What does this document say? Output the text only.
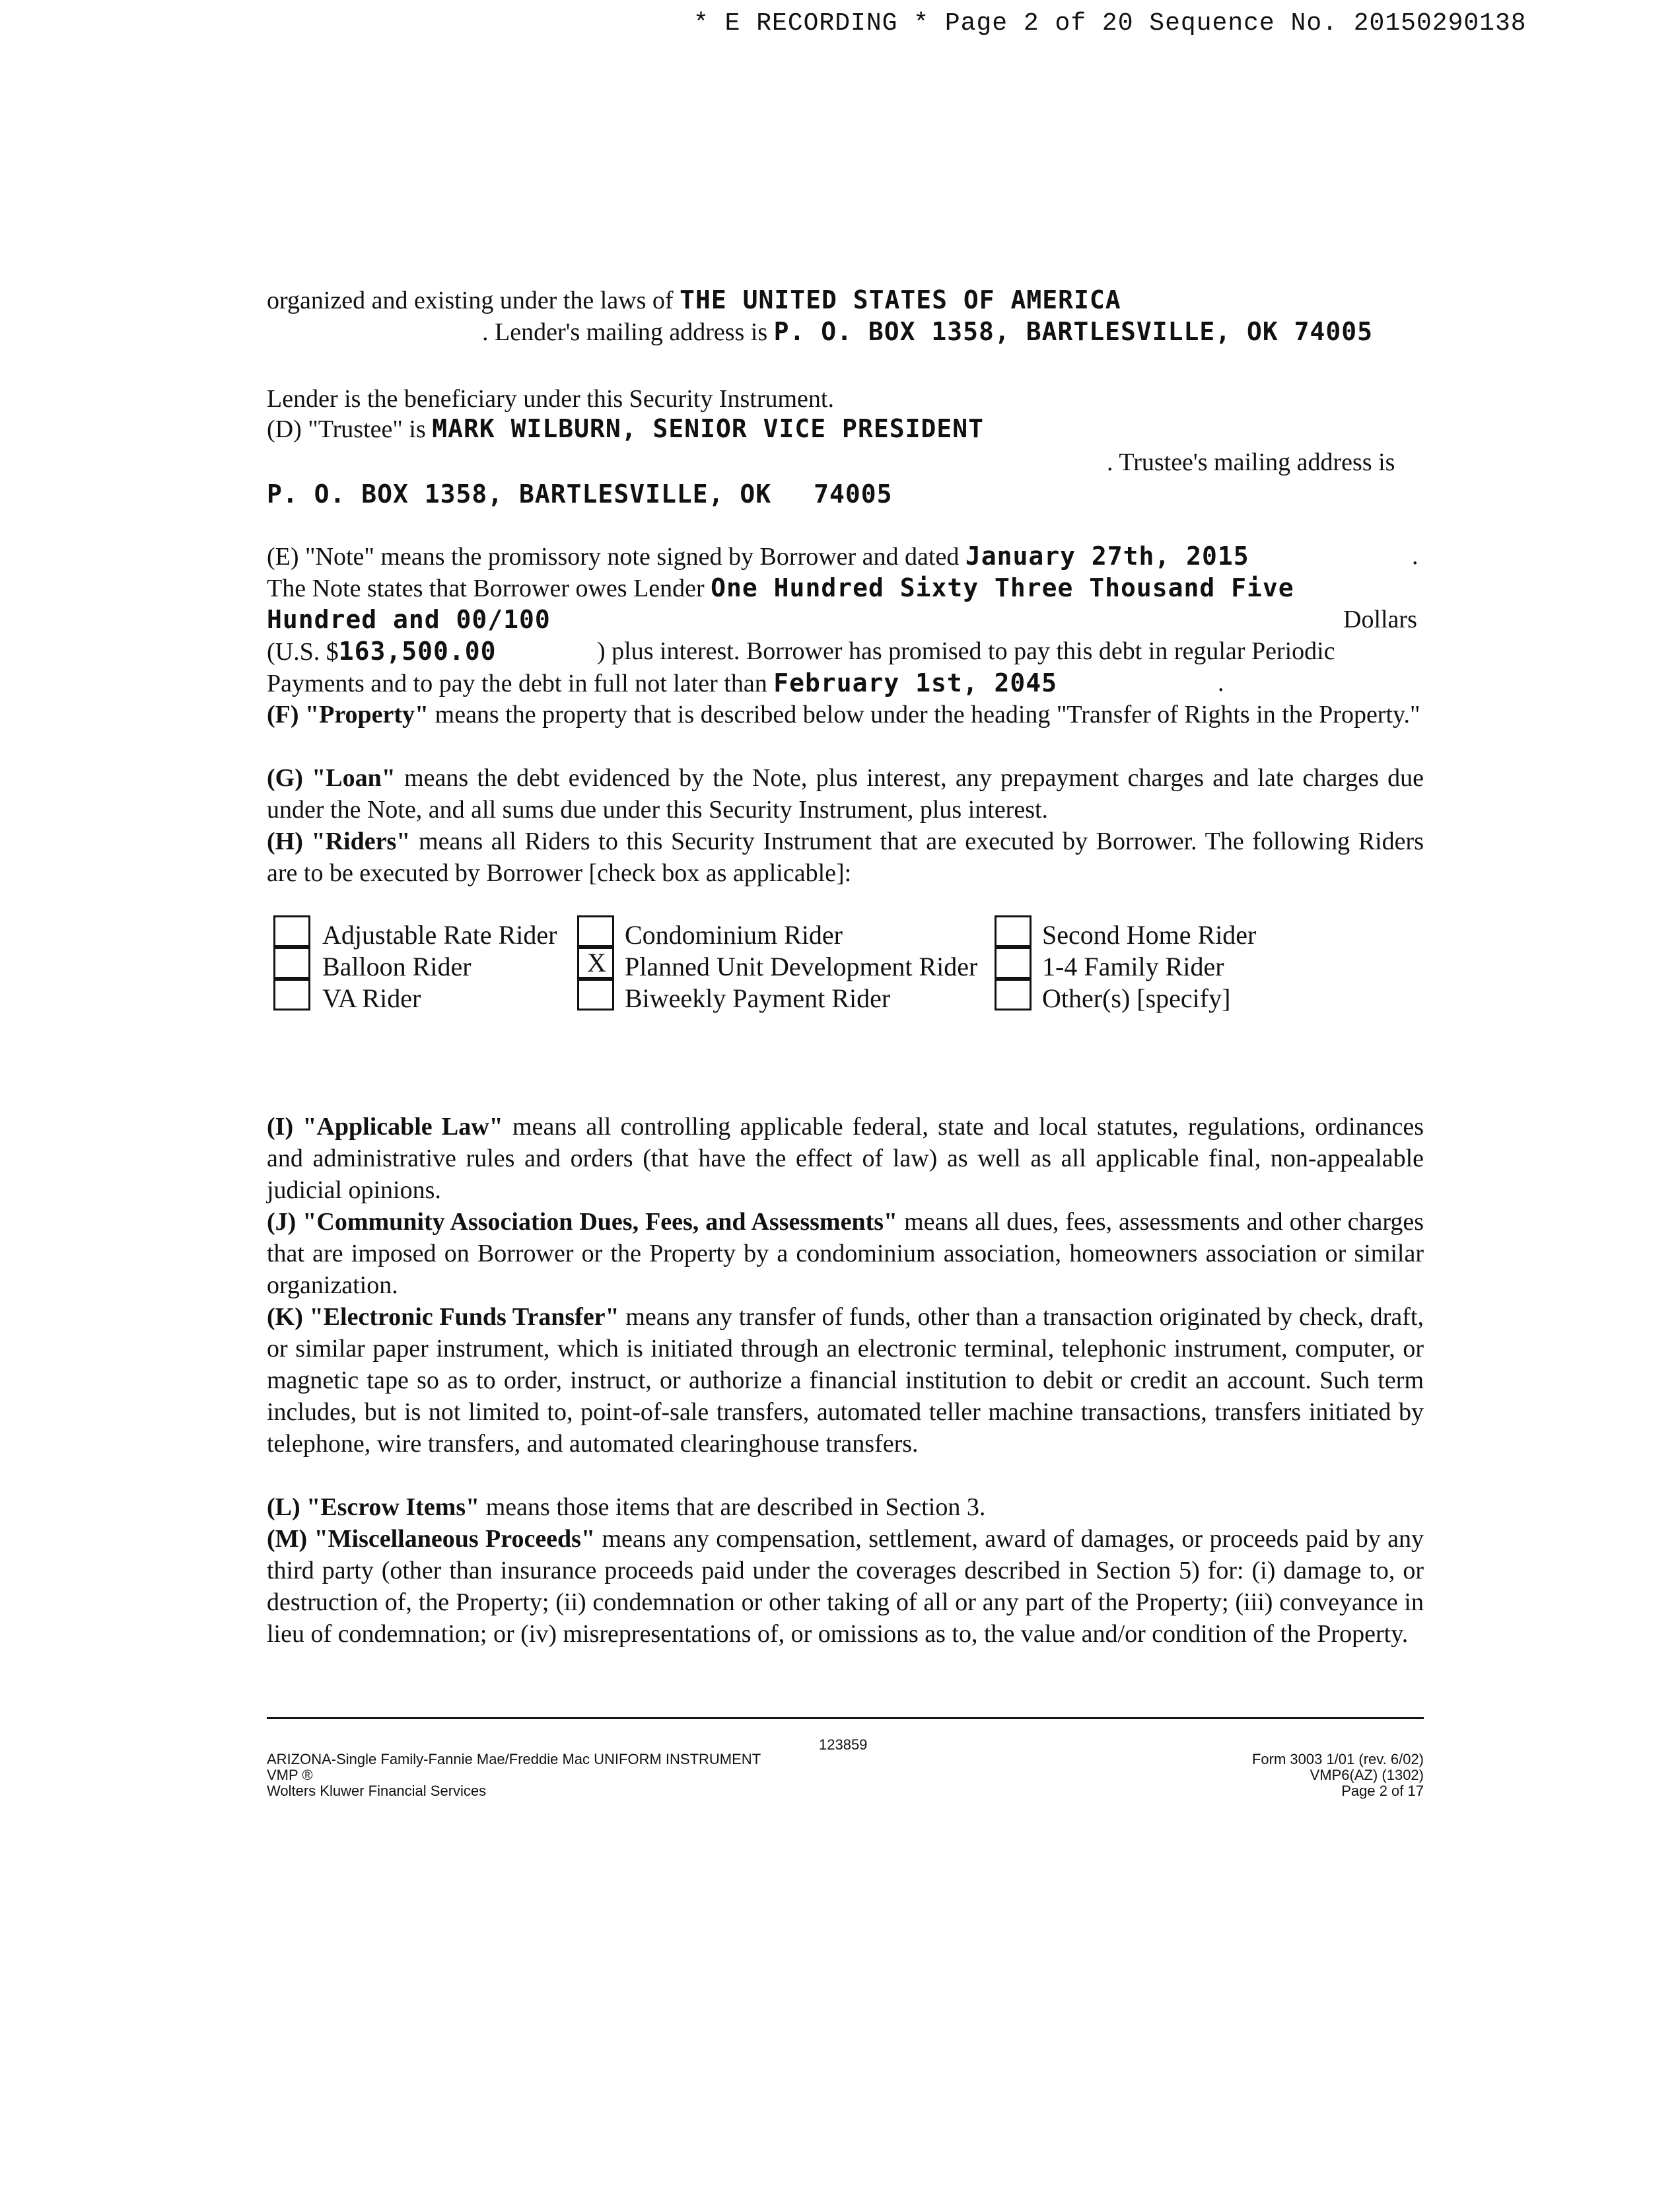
* E RECORDING * Page 2 of 20 Sequence No. 20150290138
organized and existing under the laws of THE UNITED STATES OF AMERICA
. Lender's mailing address is P. O. BOX 1358, BARTLESVILLE, OK 74005
Lender is the beneficiary under this Security Instrument.
(D) "Trustee" is MARK WILBURN, SENIOR VICE PRESIDENT
. Trustee's mailing address is
P. O. BOX 1358, BARTLESVILLE, OK 74005
(E) "Note" means the promissory note signed by Borrower and dated January 27th, 2015	.
The Note states that Borrower owes Lender One Hundred Sixty Three Thousand Five
Hundred and 00/100	Dollars
(U.S. $163,500.00	) plus interest. Borrower has promised to pay this debt in regular Periodic
Payments and to pay the debt in full not later than February 1st, 2045	.
(F) "Property" means the property that is described below under the heading "Transfer of Rights in the Property."
(G) "Loan" means the debt evidenced by the Note, plus interest, any prepayment charges and late charges due under the Note, and all sums due under this Security Instrument, plus interest.
(H) "Riders" means all Riders to this Security Instrument that are executed by Borrower. The following Riders are to be executed by Borrower [check box as applicable]:
Adjustable Rate Rider
Balloon Rider
VA Rider
X
Condominium Rider
Planned Unit Development Rider
Biweekly Payment Rider
Second Home Rider
1-4 Family Rider
Other(s) [specify]
(I) "Applicable Law" means all controlling applicable federal, state and local statutes, regulations, ordinances and administrative rules and orders (that have the effect of law) as well as all applicable final, non-appealable judicial opinions.
(J) "Community Association Dues, Fees, and Assessments" means all dues, fees, assessments and other charges that are imposed on Borrower or the Property by a condominium association, homeowners association or similar organization.
(K) "Electronic Funds Transfer" means any transfer of funds, other than a transaction originated by check, draft, or similar paper instrument, which is initiated through an electronic terminal, telephonic instrument, computer, or magnetic tape so as to order, instruct, or authorize a financial institution to debit or credit an account. Such term includes, but is not limited to, point-of-sale transfers, automated teller machine transactions, transfers initiated by telephone, wire transfers, and automated clearinghouse transfers.
(L) "Escrow Items" means those items that are described in Section 3.
(M) "Miscellaneous Proceeds" means any compensation, settlement, award of damages, or proceeds paid by any third party (other than insurance proceeds paid under the coverages described in Section 5) for: (i) damage to, or destruction of, the Property; (ii) condemnation or other taking of all or any part of the Property; (iii) conveyance in lieu of condemnation; or (iv) misrepresentations of, or omissions as to, the value and/or condition of the Property.
123859
ARIZONA-Single Family-Fannie Mae/Freddie Mac UNIFORM INSTRUMENT
VMP ®
Wolters Kluwer Financial Services
Form 3003 1/01 (rev. 6/02)
VMP6(AZ) (1302)
Page 2 of 17
